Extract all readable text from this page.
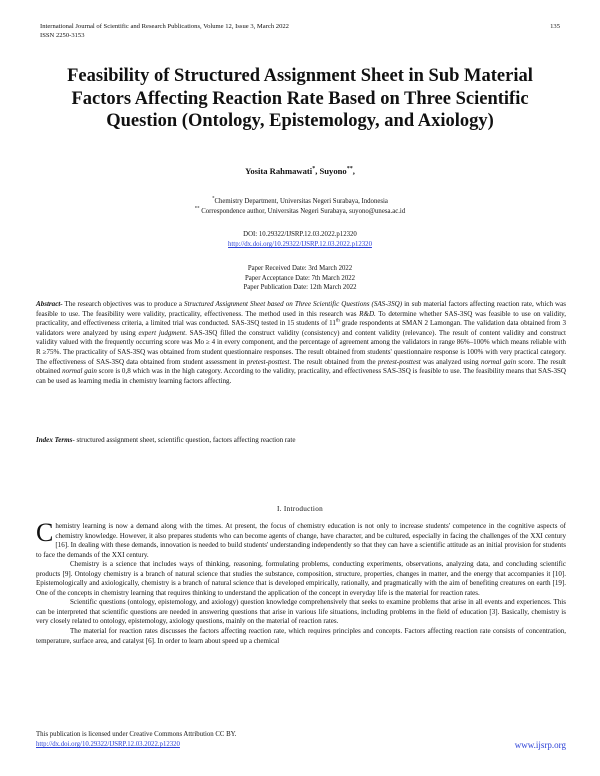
International Journal of Scientific and Research Publications, Volume 12, Issue 3, March 2022
ISSN 2250-3153
135
Feasibility of Structured Assignment Sheet in Sub Material Factors Affecting Reaction Rate Based on Three Scientific Question (Ontology, Epistemology, and Axiology)
Yosita Rahmawati*, Suyono**,
*Chemistry Department, Universitas Negeri Surabaya, Indonesia
** Correspondence author, Universitas Negeri Surabaya, suyono@unesa.ac.id
DOI: 10.29322/IJSRP.12.03.2022.p12320
http://dx.doi.org/10.29322/IJSRP.12.03.2022.p12320
Paper Received Date: 3rd March 2022
Paper Acceptance Date: 7th March 2022
Paper Publication Date: 12th March 2022

Abstract- The research objectives was to produce a Structured Assignment Sheet based on Three Scientific Questions (SAS-3SQ) in sub material factors affecting reaction rate, which was feasible to use. The feasibility were validity, practicality, effectiveness. The method used in this research was R&D. To determine whether SAS-3SQ was feasible to use on validity, practicality, and effectiveness criteria, a limited trial was conducted. SAS-3SQ tested in 15 students of 11th grade respondents at SMAN 2 Lamongan. The validation data obtained from 3 validators were analyzed by using expert judgment. SAS-3SQ filled the construct validity (consistency) and content validity (relevance). The result of content validity and construct validity valued with the frequently occurring score was Mo ≥ 4 in every component, and the percentage of agreement among the validators in range 86%–100% which means reliable with R ≥75%. The practicality of SAS-3SQ was obtained from student questionnaire responses. The result obtained from students' questionnaire response is 100% with very practical category. The effectiveness of SAS-3SQ data obtained from student assessment in pretest-posttest. The result obtained from the pretest-posttest was analyzed using normal gain score. The result obtained normal gain score is 0,8 which was in the high category. According to the validity, practicality, and effectiveness SAS-3SQ is feasible to use. The feasibility means that SAS-3SQ can be used as learning media in chemistry learning factors affecting.

Index Terms- structured assignment sheet, scientific question, factors affecting reaction rate

I. Introduction

Chemistry learning is now a demand along with the times. At present, the focus of chemistry education is not only to increase students' competence in the cognitive aspects of chemistry knowledge. However, it also prepares students who can become agents of change, have character, and be cultured, especially in facing the challenges of the XXI century [16]. In dealing with these demands, innovation is needed to build students' understanding independently so that they can have a scientific attitude as an initial provision for students to face the demands of the XXI century.

Chemistry is a science that includes ways of thinking, reasoning, formulating problems, conducting experiments, observations, analyzing data, and concluding scientific products [9]. Ontology chemistry is a branch of natural science that studies the substance, composition, structure, properties, changes in matter, and the energy that accompanies it [10]. Epistemologically and axiologically, chemistry is a branch of natural science that is developed empirically, rationally, and pragmatically with the aim of benefiting creatures on earth [19]. One of the concepts in chemistry learning that requires thinking to understand the application of the concept in everyday life is the material for reaction rates.

Scientific questions (ontology, epistemology, and axiology) question knowledge comprehensively that seeks to examine problems that arise in all events and experiences. This can be interpreted that scientific questions are needed in answering questions that arise in various life situations, including problems in the field of education [3]. Basically, chemistry is very closely related to ontology, epistemology, axiology questions, mainly on the material of reaction rates.

The material for reaction rates discusses the factors affecting reaction rate, which requires principles and concepts. Factors affecting reaction rate consists of concentration, temperature, surface area, and catalyst [6]. In order to learn about speed up a chemical

This publication is licensed under Creative Commons Attribution CC BY.
http://dx.doi.org/10.29322/IJSRP.12.03.2022.p12320	www.ijsrp.org
